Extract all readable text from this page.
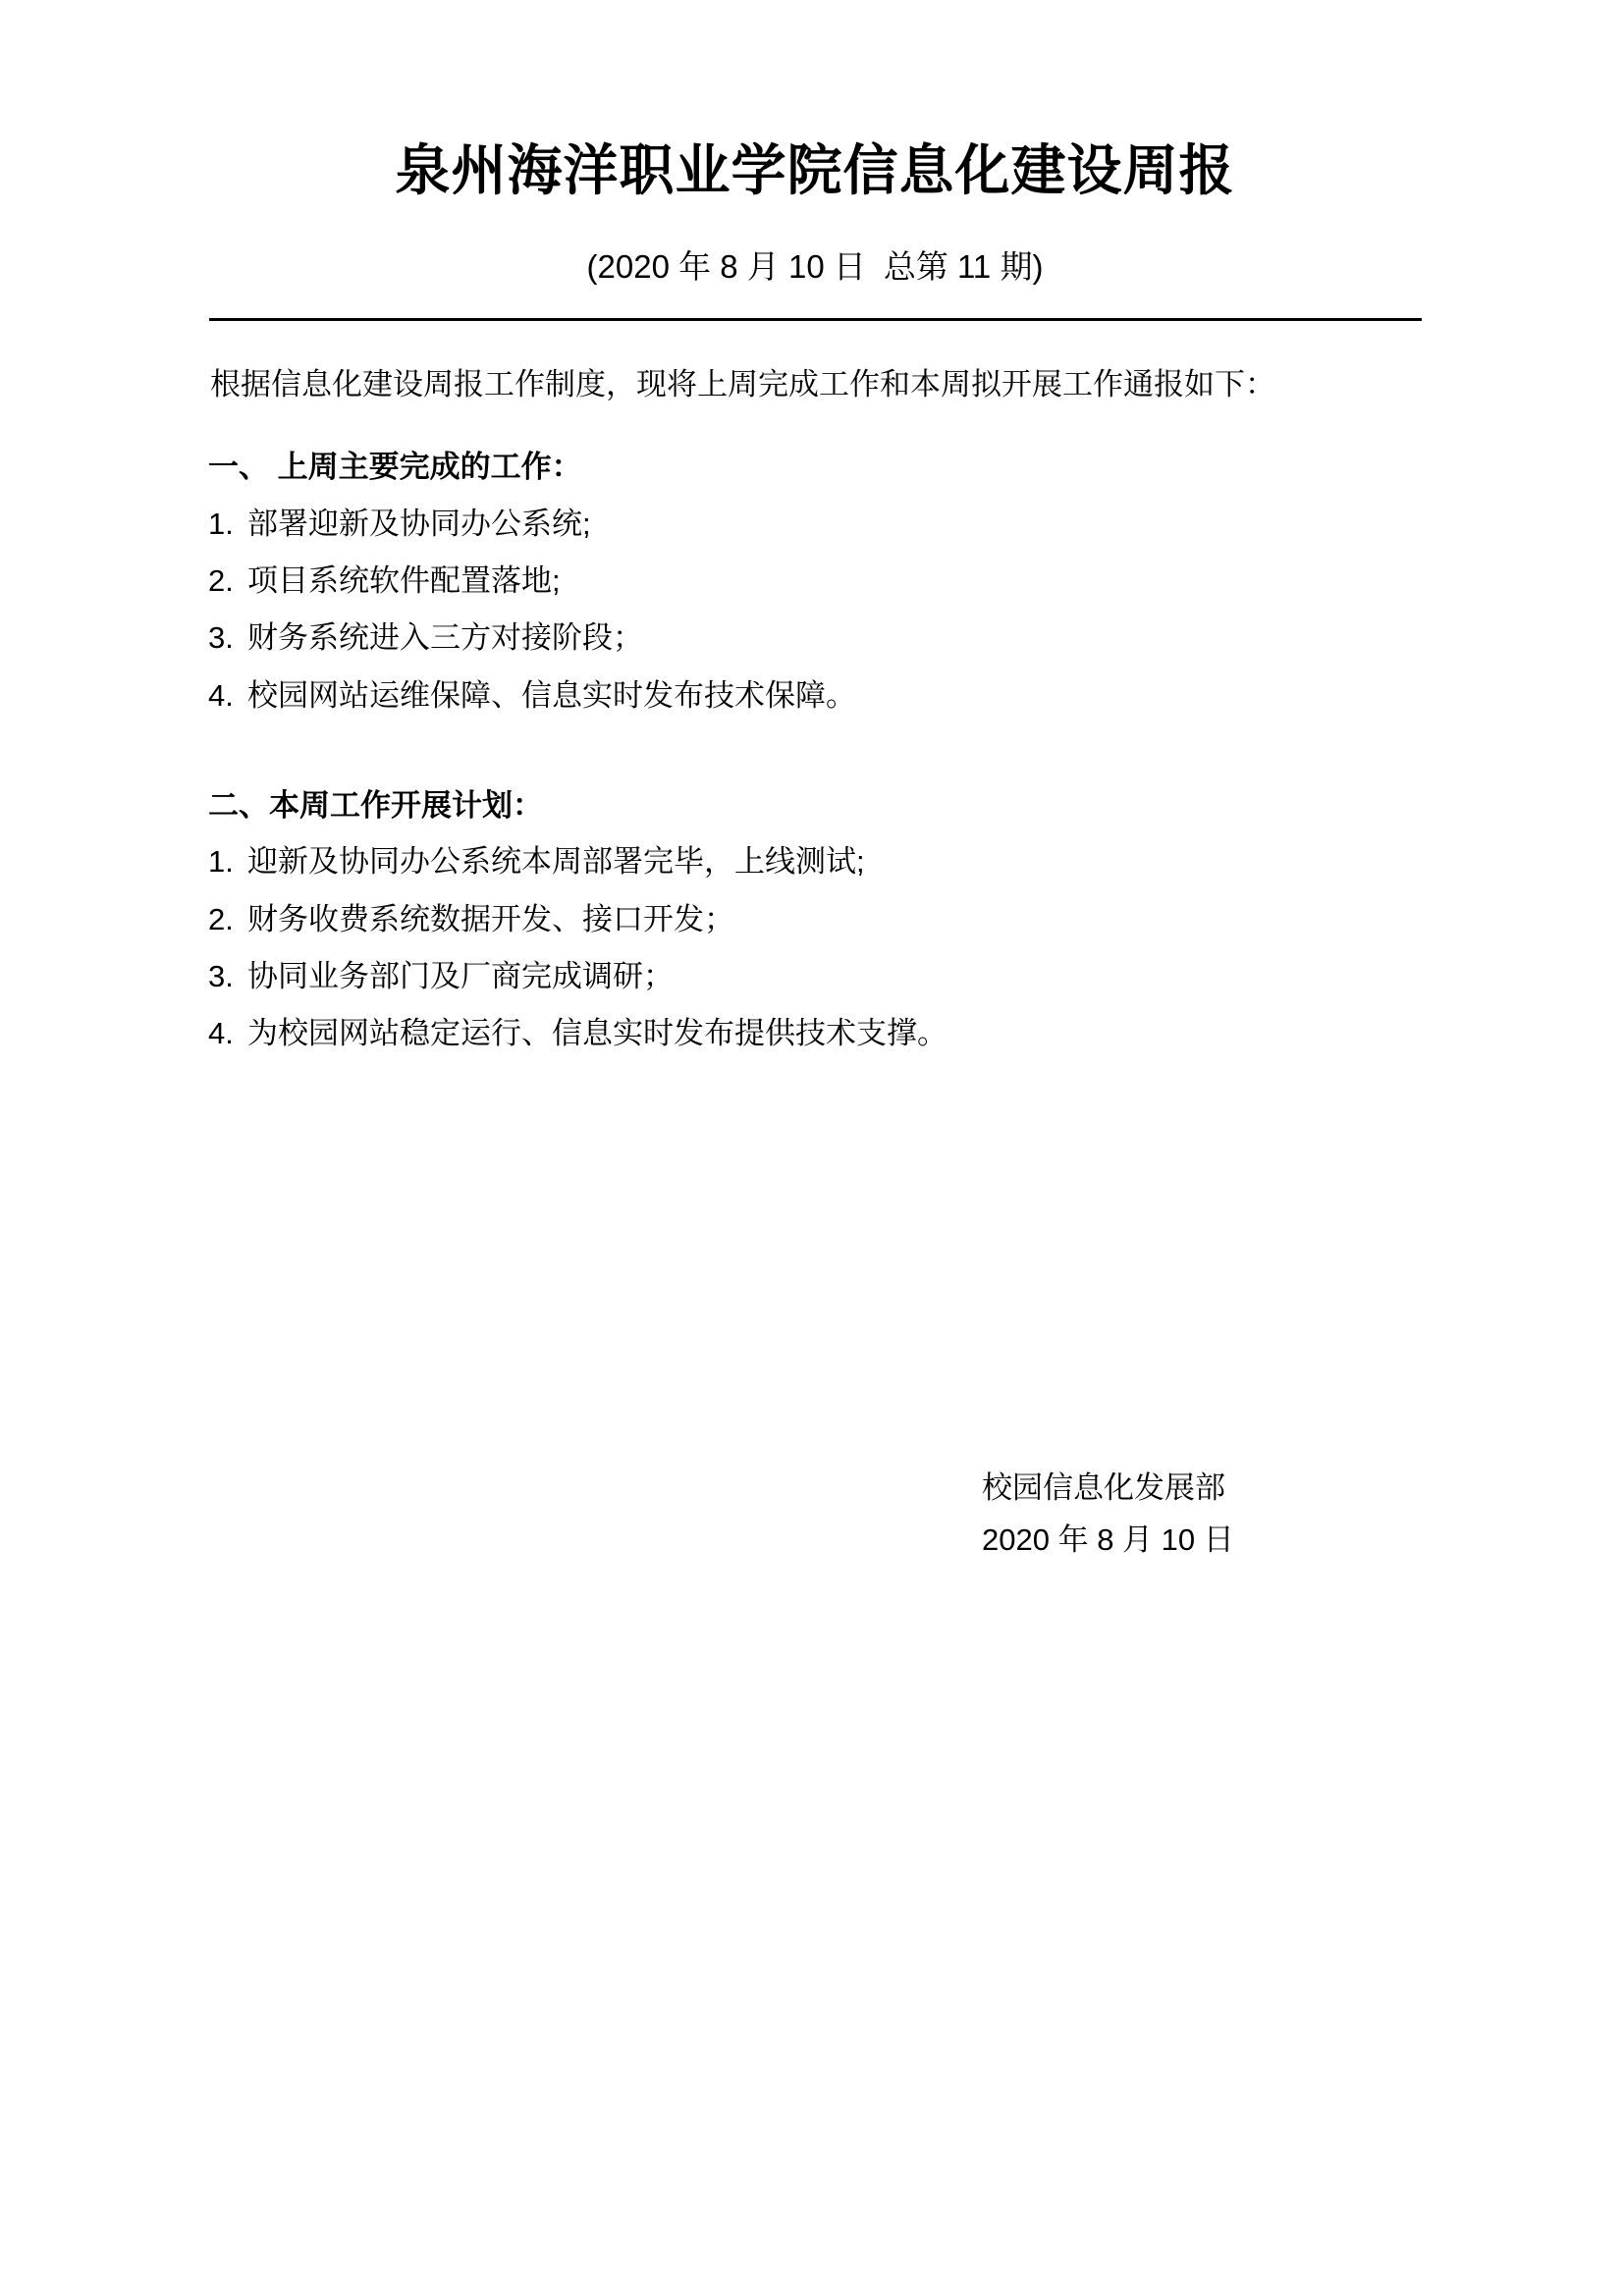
泉州海洋职业学院信息化建设周报
(2020 年 8 月 10 日 总第 11 期)

根据信息化建设周报工作制度，现将上周完成工作和本周拟开展工作通报如下：

一、 上周主要完成的工作：
1. 部署迎新及协同办公系统;
2. 项目系统软件配置落地;
3. 财务系统进入三方对接阶段；
4. 校园网站运维保障、信息实时发布技术保障。
二、本周工作开展计划：
1. 迎新及协同办公系统本周部署完毕，上线测试;
2. 财务收费系统数据开发、接口开发；
3. 协同业务部门及厂商完成调研；
4. 为校园网站稳定运行、信息实时发布提供技术支撑。
校园信息化发展部
2020 年 8 月 10 日
